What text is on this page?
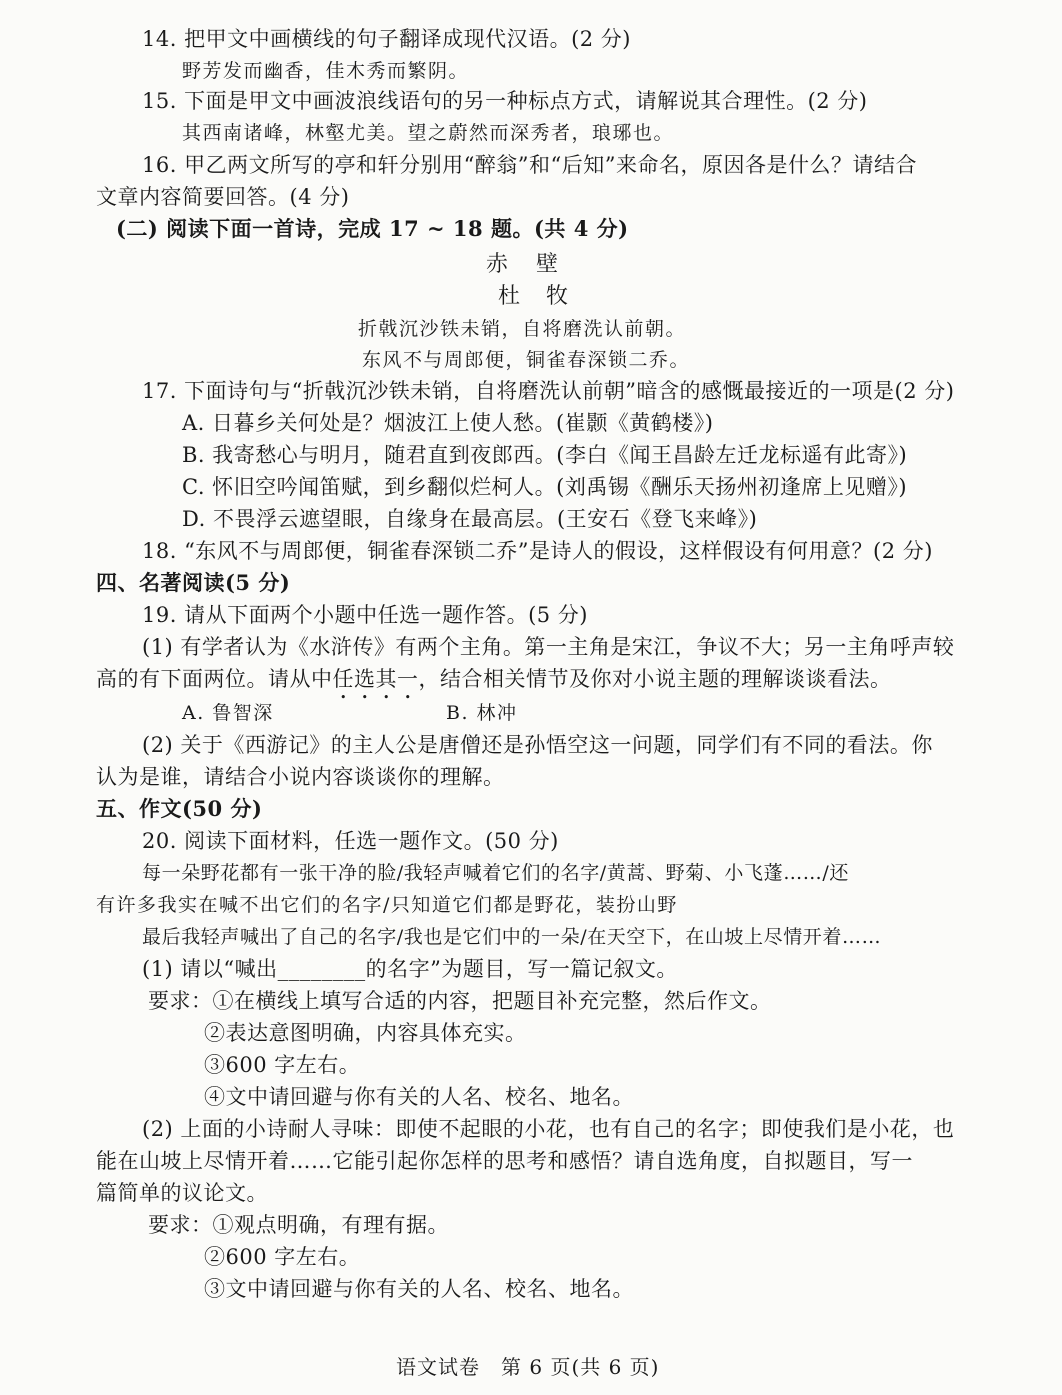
14. 把甲文中画横线的句子翻译成现代汉语。(2 分)
野芳发而幽香，佳木秀而繁阴。
15. 下面是甲文中画波浪线语句的另一种标点方式，请解说其合理性。(2 分)
其西南诸峰，林壑尤美。望之蔚然而深秀者，琅琊也。
16. 甲乙两文所写的亭和轩分别用“醉翁”和“后知”来命名，原因各是什么？请结合
文章内容简要回答。(4 分)
(二) 阅读下面一首诗，完成 17 ~ 18 题。(共 4 分)
赤壁
杜　牧
折戟沉沙铁未销，自将磨洗认前朝。
东风不与周郎便，铜雀春深锁二乔。
17. 下面诗句与“折戟沉沙铁未销，自将磨洗认前朝”暗含的感慨最接近的一项是(2 分)
A. 日暮乡关何处是？烟波江上使人愁。(崔颢《黄鹤楼》)
B. 我寄愁心与明月，随君直到夜郎西。(李白《闻王昌龄左迁龙标遥有此寄》)
C. 怀旧空吟闻笛赋，到乡翻似烂柯人。(刘禹锡《酬乐天扬州初逢席上见赠》)
D. 不畏浮云遮望眼，自缘身在最高层。(王安石《登飞来峰》)
18. “东风不与周郎便，铜雀春深锁二乔”是诗人的假设，这样假设有何用意？(2 分)
四、名著阅读(5 分)
19. 请从下面两个小题中任选一题作答。(5 分)
(1) 有学者认为《水浒传》有两个主角。第一主角是宋江，争议不大；另一主角呼声较
高的有下面两位。请从中任选其一，结合相关情节及你对小说主题的理解谈谈看法。
A. 鲁智深	B. 林冲
(2) 关于《西游记》的主人公是唐僧还是孙悟空这一问题，同学们有不同的看法。你
认为是谁，请结合小说内容谈谈你的理解。
五、作文(50 分)
20. 阅读下面材料，任选一题作文。(50 分)
每一朵野花都有一张干净的脸/我轻声喊着它们的名字/黄蒿、野菊、小飞蓬……/还
有许多我实在喊不出它们的名字/只知道它们都是野花，装扮山野
最后我轻声喊出了自己的名字/我也是它们中的一朵/在天空下，在山坡上尽情开着……
(1) 请以“喊出________的名字”为题目，写一篇记叙文。
要求：①在横线上填写合适的内容，把题目补充完整，然后作文。
②表达意图明确，内容具体充实。
③600 字左右。
④文中请回避与你有关的人名、校名、地名。
(2) 上面的小诗耐人寻味：即使不起眼的小花，也有自己的名字；即使我们是小花，也
能在山坡上尽情开着……它能引起你怎样的思考和感悟？请自选角度，自拟题目，写一
篇简单的议论文。
要求：①观点明确，有理有据。
②600 字左右。
③文中请回避与你有关的人名、校名、地名。
语文试卷　第 6 页(共 6 页)
